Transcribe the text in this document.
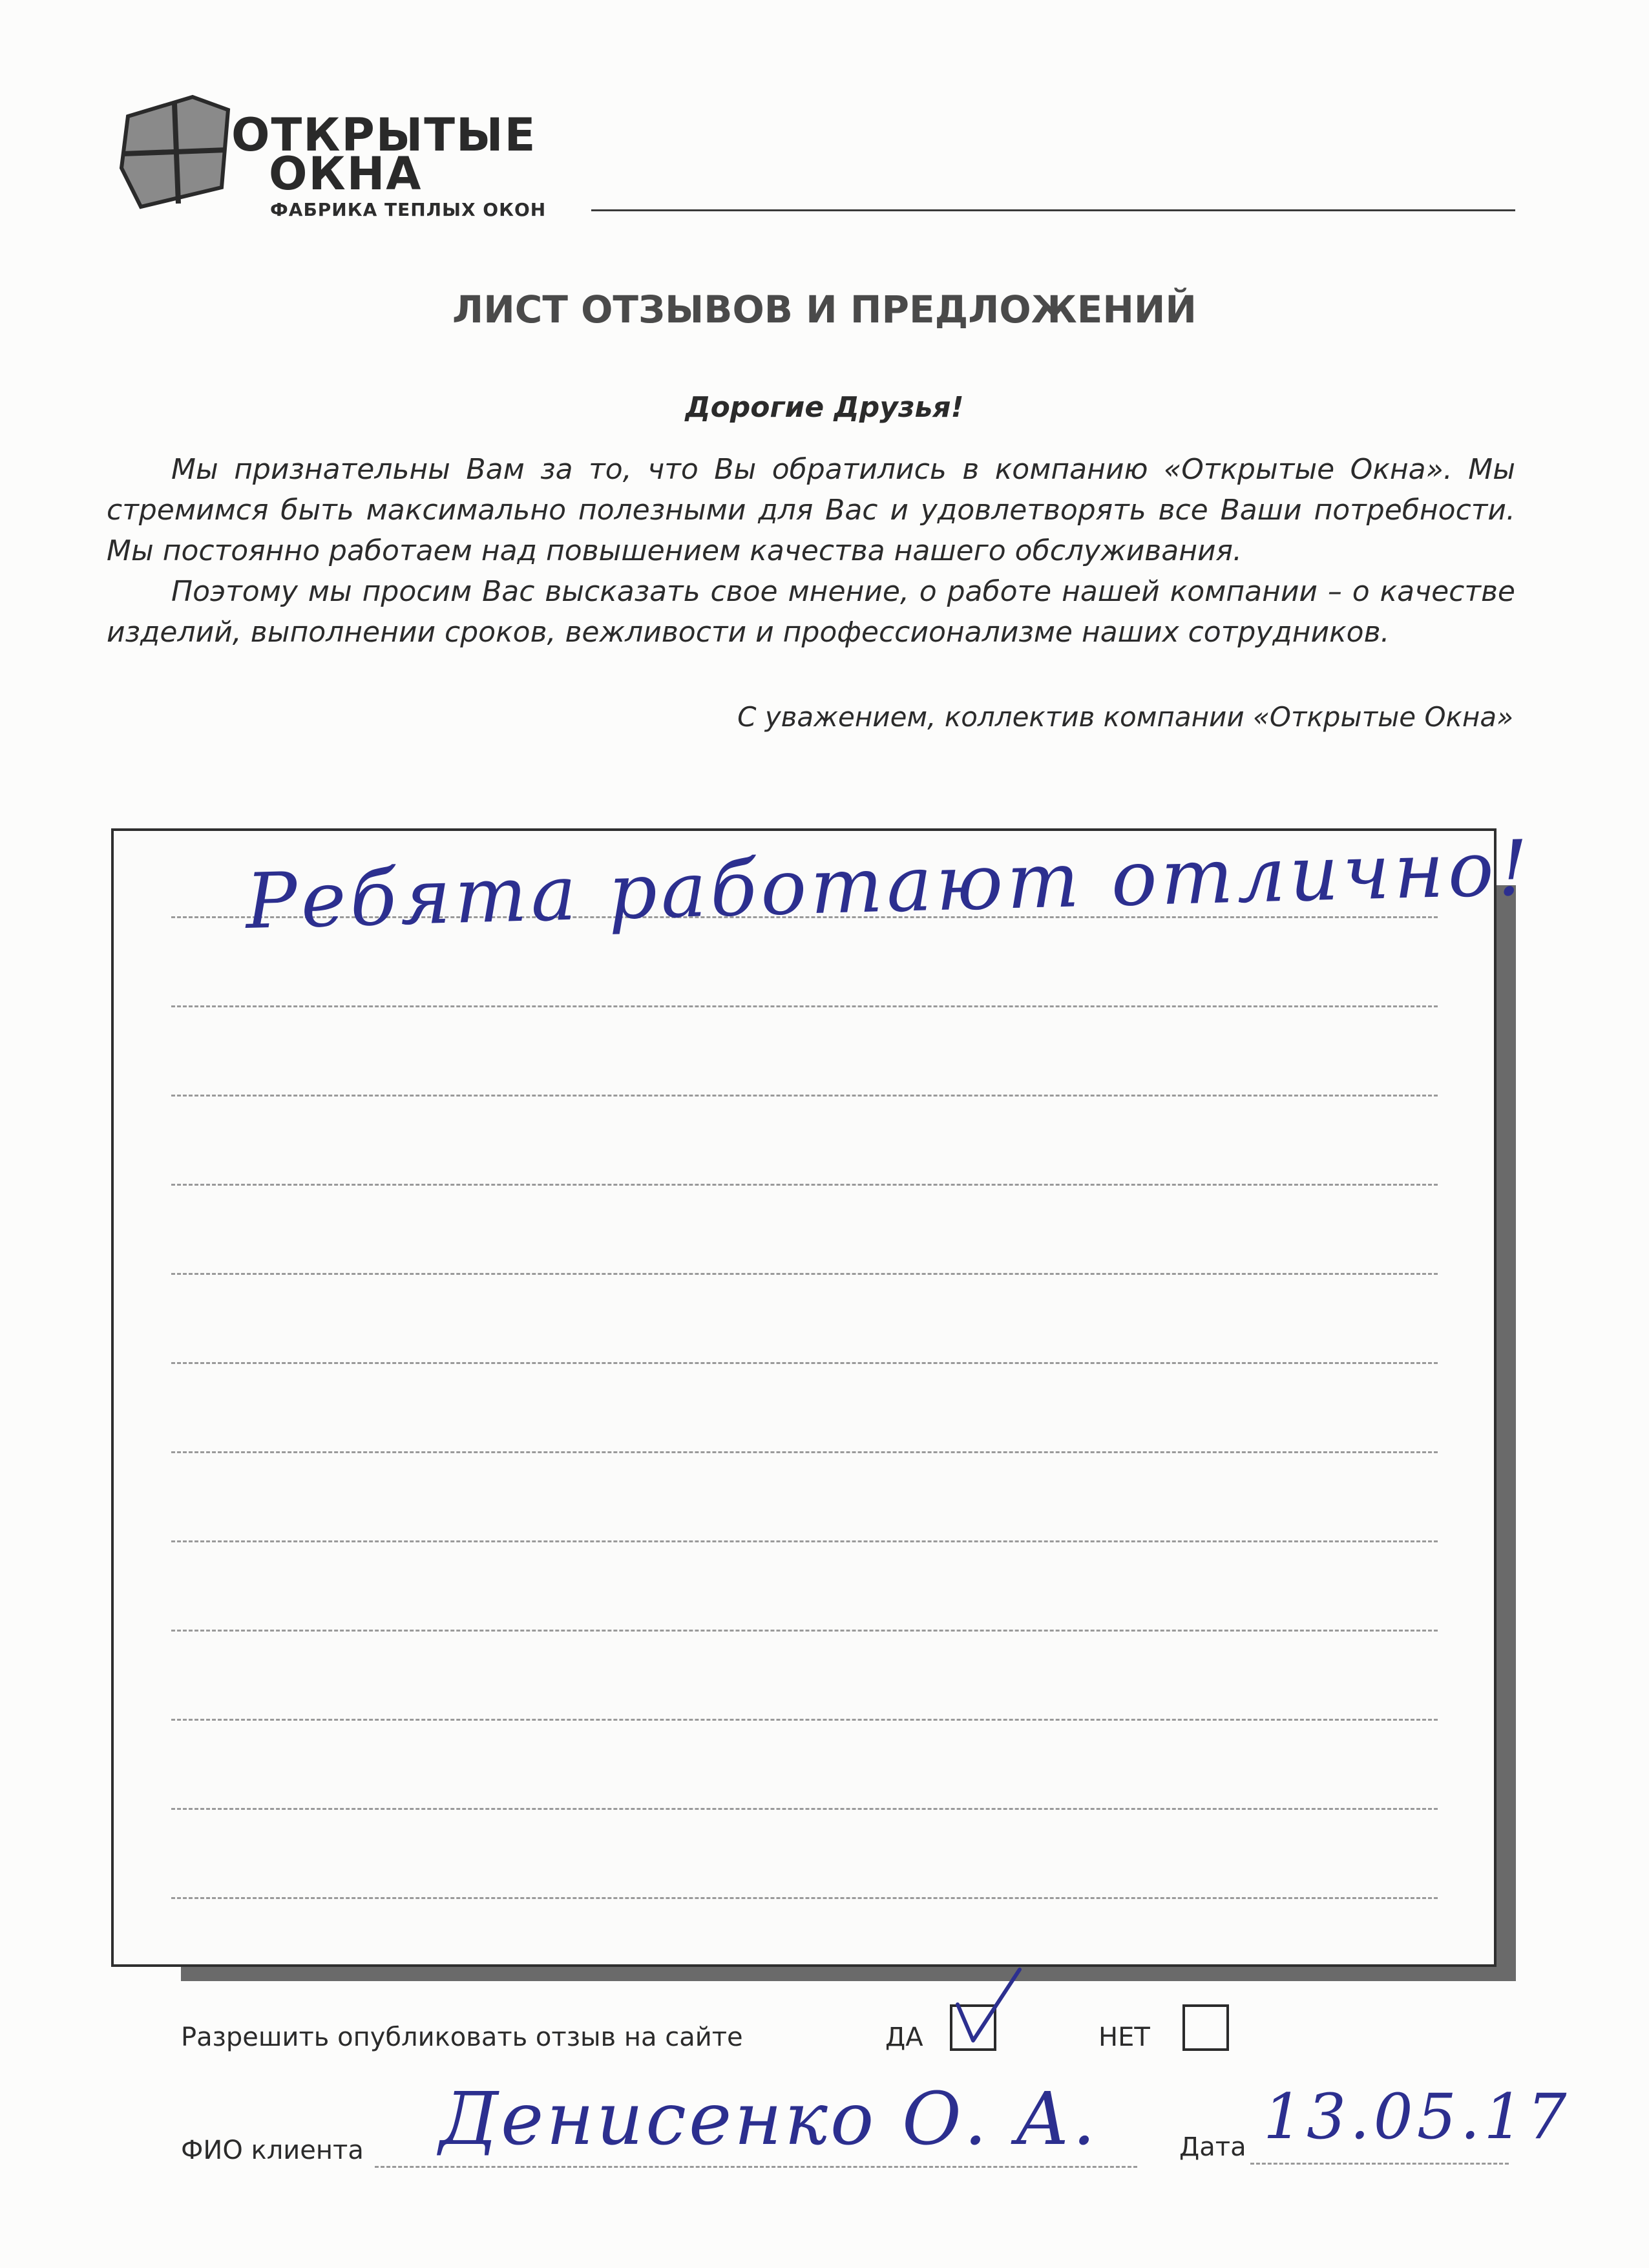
ОТКРЫТЫЕ
ОКНА
ФАБРИКА ТЕПЛЫХ ОКОН
ЛИСТ ОТЗЫВОВ И ПРЕДЛОЖЕНИЙ
Дорогие Друзья!

Мы признательны Вам за то, что Вы обратились в компанию «Открытые Окна». Мы стремимся быть максимально полезными для Вас и удовлетворять все Ваши потребности. Мы постоянно работаем над повышением качества нашего обслуживания.

Поэтому мы просим Вас высказать свое мнение, о работе нашей компании – о качестве изделий, выполнении сроков, вежливости и профессионализме наших сотрудников.

С уважением, коллектив компании «Открытые Окна»
Ребята работают отлично!
Разрешить опубликовать отзыв на сайте	ДА	НЕТ
ФИО клиента Денисенко О. А.	Дата 13.05.17
